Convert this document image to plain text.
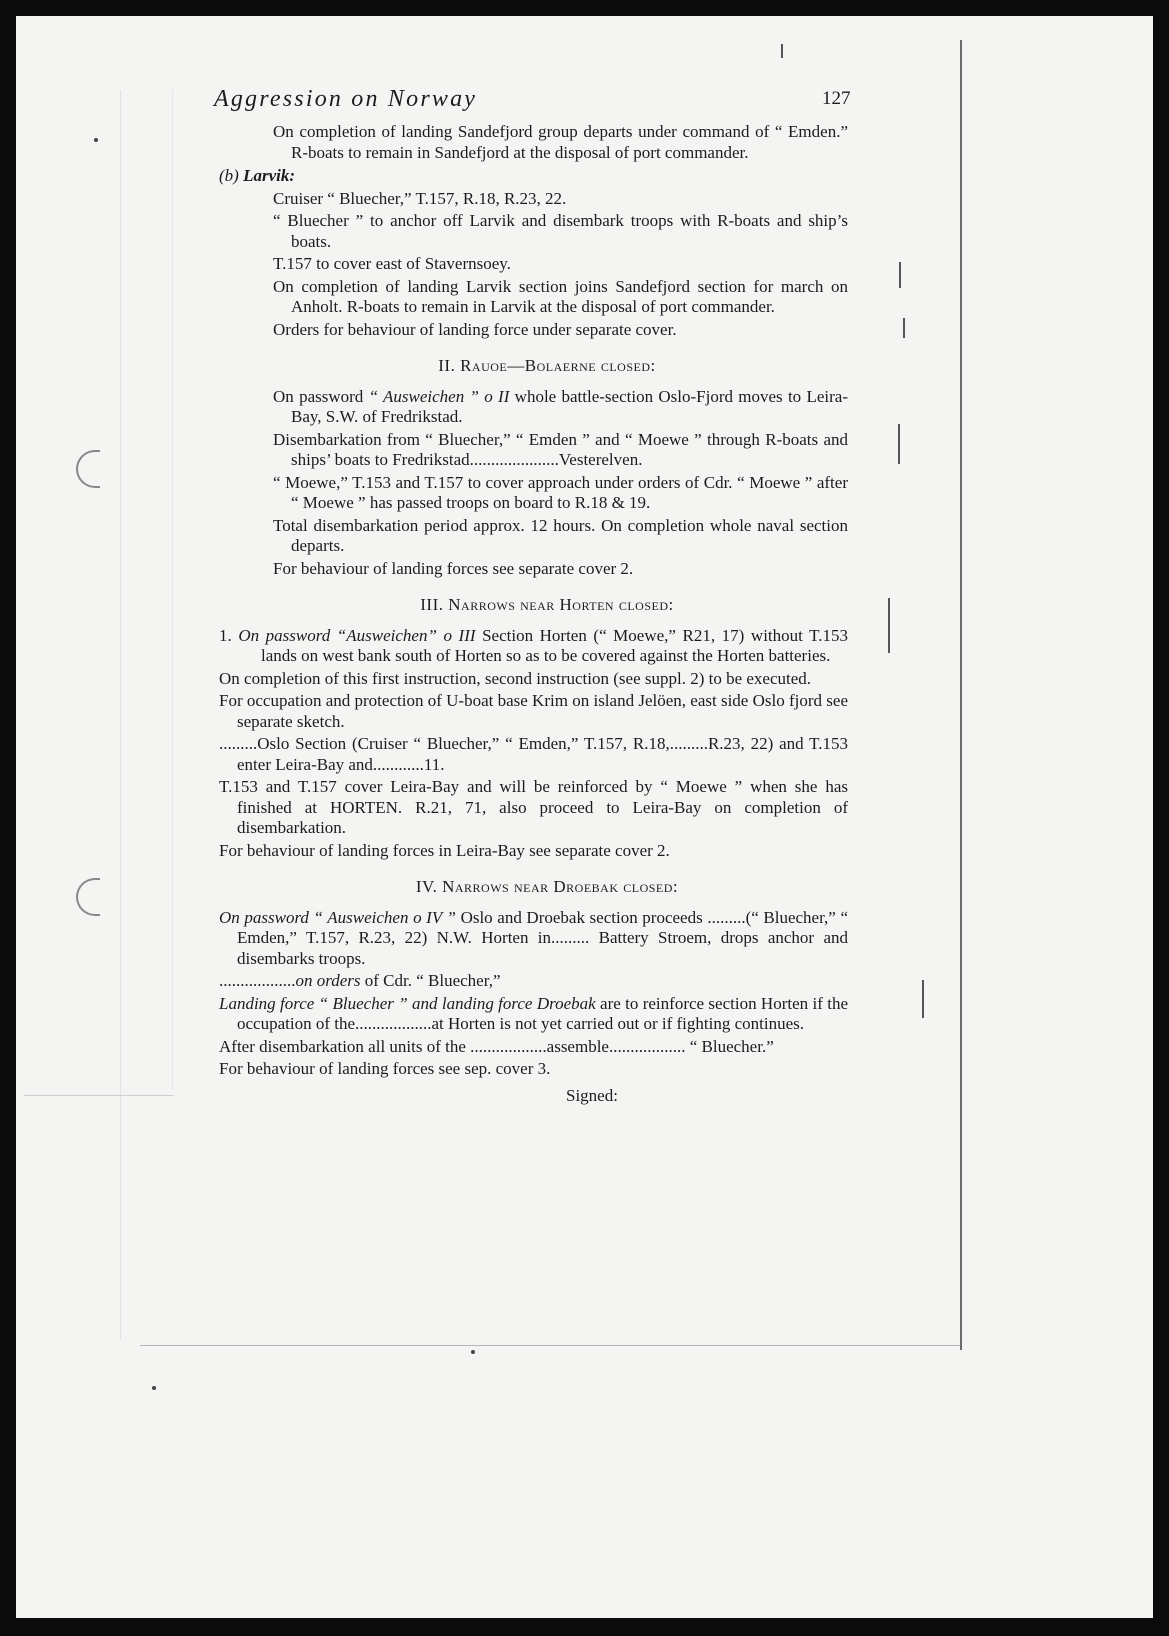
Aggression on Norway	127

On completion of landing Sandefjord group departs under command of “ Emden.” R-boats to remain in Sandefjord at the disposal of port commander.

(b) Larvik:

Cruiser “ Bluecher,” T.157, R.18, R.23, 22.

“ Bluecher ” to anchor off Larvik and disembark troops with R-boats and ship’s boats.

T.157 to cover east of Stavernsoey.

On completion of landing Larvik section joins Sandefjord section for march on Anholt. R-boats to remain in Larvik at the disposal of port commander.

Orders for behaviour of landing force under separate cover.

II. Rauoe—Bolaerne closed:

On password “ Ausweichen ” o II whole battle-section Oslo-Fjord moves to Leira-Bay, S.W. of Fredrikstad.

Disembarkation from “ Bluecher,” “ Emden ” and “ Moewe ” through R-boats and ships’ boats to Fredrikstad.....................Vesterelven.

“ Moewe,” T.153 and T.157 to cover approach under orders of Cdr. “ Moewe ” after “ Moewe ” has passed troops on board to R.18 & 19.

Total disembarkation period approx. 12 hours. On completion whole naval section departs.

For behaviour of landing forces see separate cover 2.

III. Narrows near Horten closed:

1. On password “Ausweichen” o III Section Horten (“ Moewe,” R21, 17) without T.153 lands on west bank south of Horten so as to be covered against the Horten batteries.

On completion of this first instruction, second instruction (see suppl. 2) to be executed.

For occupation and protection of U-boat base Krim on island Jelöen, east side Oslo fjord see separate sketch.

.........Oslo Section (Cruiser “ Bluecher,” “ Emden,” T.157, R.18,.........R.23, 22) and T.153 enter Leira-Bay and............11.

T.153 and T.157 cover Leira-Bay and will be reinforced by “ Moewe ” when she has finished at HORTEN. R.21, 71, also proceed to Leira-Bay on completion of disembarkation.

For behaviour of landing forces in Leira-Bay see separate cover 2.

IV. Narrows near Droebak closed:

On password “ Ausweichen o IV ” Oslo and Droebak section proceeds .........(“ Bluecher,” “ Emden,” T.157, R.23, 22) N.W. Horten in......... Battery Stroem, drops anchor and disembarks troops.

..................on orders of Cdr. “ Bluecher,”

Landing force “ Bluecher ” and landing force Droebak are to reinforce section Horten if the occupation of the..................at Horten is not yet carried out or if fighting continues.

After disembarkation all units of the ..................assemble.................. “ Bluecher.”

For behaviour of landing forces see sep. cover 3.

Signed:
